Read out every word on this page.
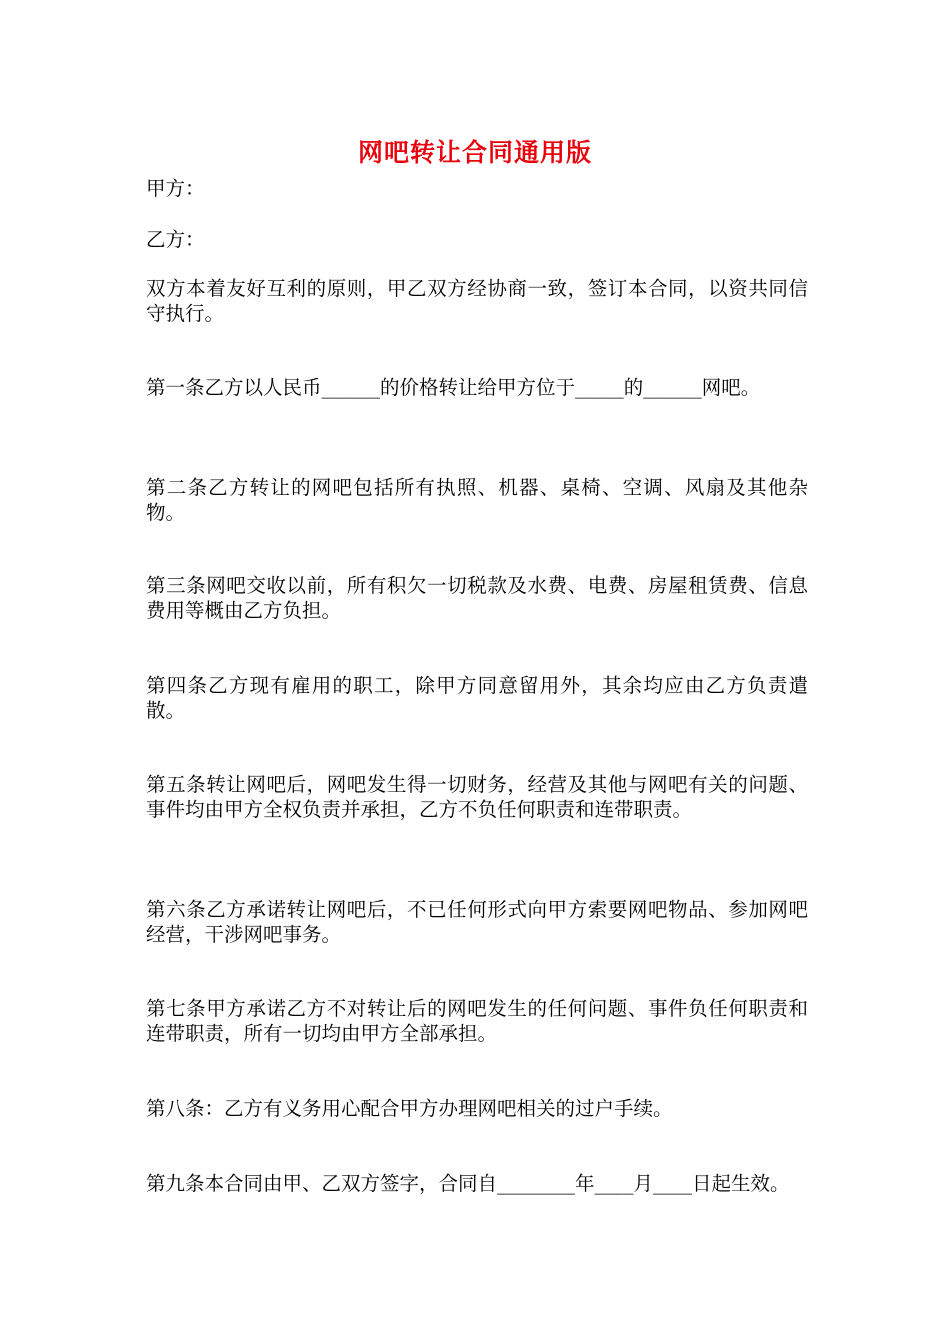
网吧转让合同通用版

甲方：

乙方：

双方本着友好互利的原则，甲乙双方经协商一致，签订本合同，以资共同信守执行。

第一条乙方以人民币______的价格转让给甲方位于_____的______网吧。

第二条乙方转让的网吧包括所有执照、机器、桌椅、空调、风扇及其他杂物。

第三条网吧交收以前，所有积欠一切税款及水费、电费、房屋租赁费、信息费用等概由乙方负担。

第四条乙方现有雇用的职工，除甲方同意留用外，其余均应由乙方负责遣散。

第五条转让网吧后，网吧发生得一切财务，经营及其他与网吧有关的问题、事件均由甲方全权负责并承担，乙方不负任何职责和连带职责。

第六条乙方承诺转让网吧后，不已任何形式向甲方索要网吧物品、参加网吧经营，干涉网吧事务。

第七条甲方承诺乙方不对转让后的网吧发生的任何问题、事件负任何职责和连带职责，所有一切均由甲方全部承担。

第八条：乙方有义务用心配合甲方办理网吧相关的过户手续。

第九条本合同由甲、乙双方签字，合同自________年____月____日起生效。
